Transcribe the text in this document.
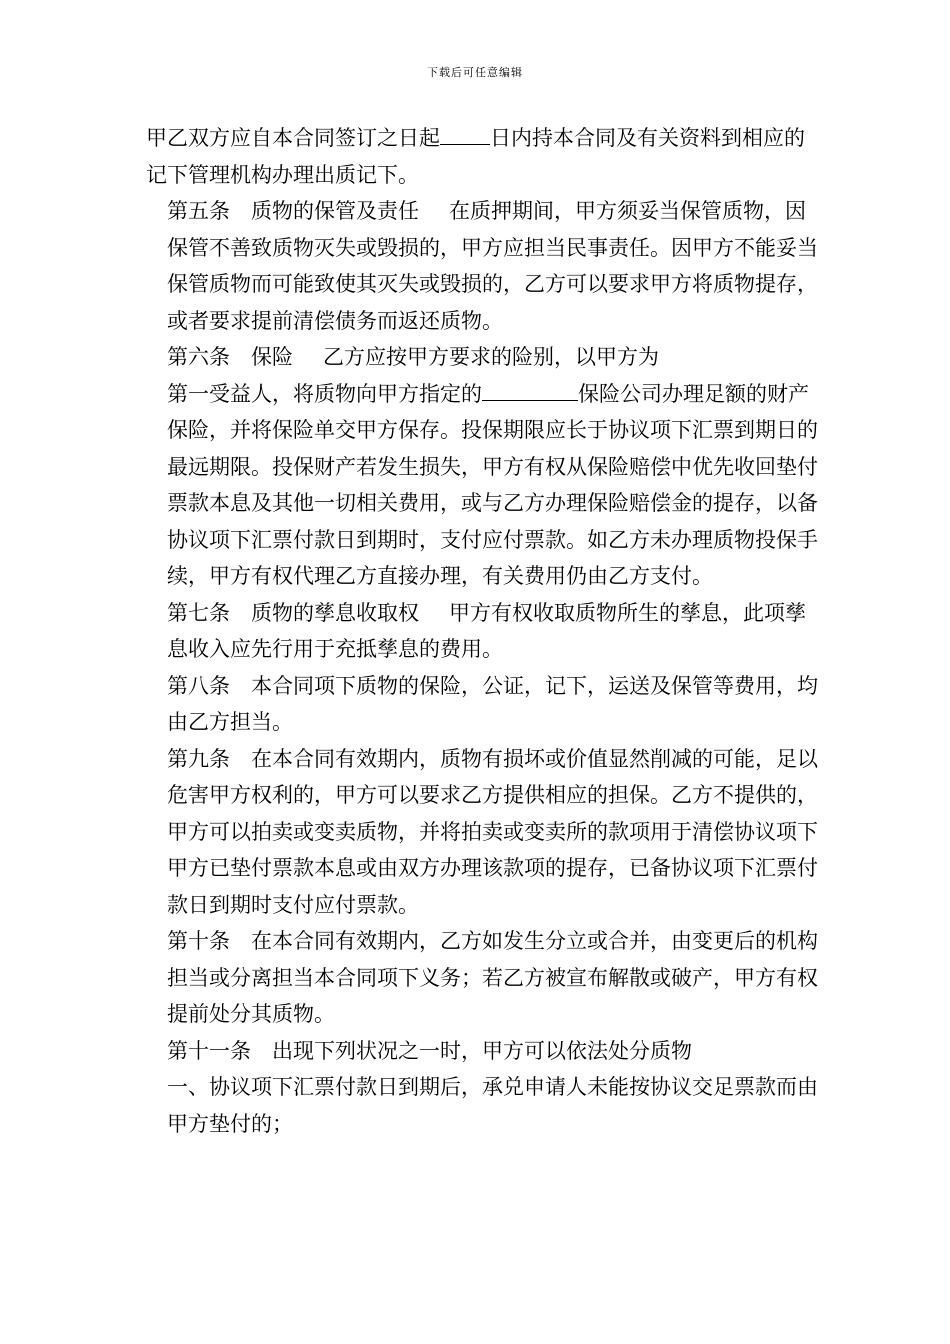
下载后可任意编辑

甲乙双方应自本合同签订之日起 日内持本合同及有关资料到相应的记下管理机构办理出质记下。

第五条 质物的保管及责任 在质押期间，甲方须妥当保管质物，因保管不善致质物灭失或毁损的，甲方应担当民事责任。因甲方不能妥当保管质物而可能致使其灭失或毁损的，乙方可以要求甲方将质物提存，或者要求提前清偿债务而返还质物。

第六条 保险 乙方应按甲方要求的险别，以甲方为

第一受益人，将质物向甲方指定的	保险公司办理足额的财产保险，并将保险单交甲方保存。投保期限应长于协议项下汇票到期日的最远期限。投保财产若发生损失，甲方有权从保险赔偿中优先收回垫付票款本息及其他一切相关费用，或与乙方办理保险赔偿金的提存，以备协议项下汇票付款日到期时，支付应付票款。如乙方未办理质物投保手续，甲方有权代理乙方直接办理，有关费用仍由乙方支付。

第七条 质物的孳息收取权 甲方有权收取质物所生的孳息，此项孳息收入应先行用于充抵孳息的费用。

第八条 本合同项下质物的保险，公证，记下，运送及保管等费用，均由乙方担当。

第九条 在本合同有效期内，质物有损坏或价值显然削减的可能，足以危害甲方权利的，甲方可以要求乙方提供相应的担保。乙方不提供的，甲方可以拍卖或变卖质物，并将拍卖或变卖所的款项用于清偿协议项下甲方已垫付票款本息或由双方办理该款项的提存，已备协议项下汇票付款日到期时支付应付票款。

第十条 在本合同有效期内，乙方如发生分立或合并，由变更后的机构担当或分离担当本合同项下义务；若乙方被宣布解散或破产，甲方有权提前处分其质物。

第十一条 出现下列状况之一时，甲方可以依法处分质物

一、协议项下汇票付款日到期后，承兑申请人未能按协议交足票款而由甲方垫付的；
